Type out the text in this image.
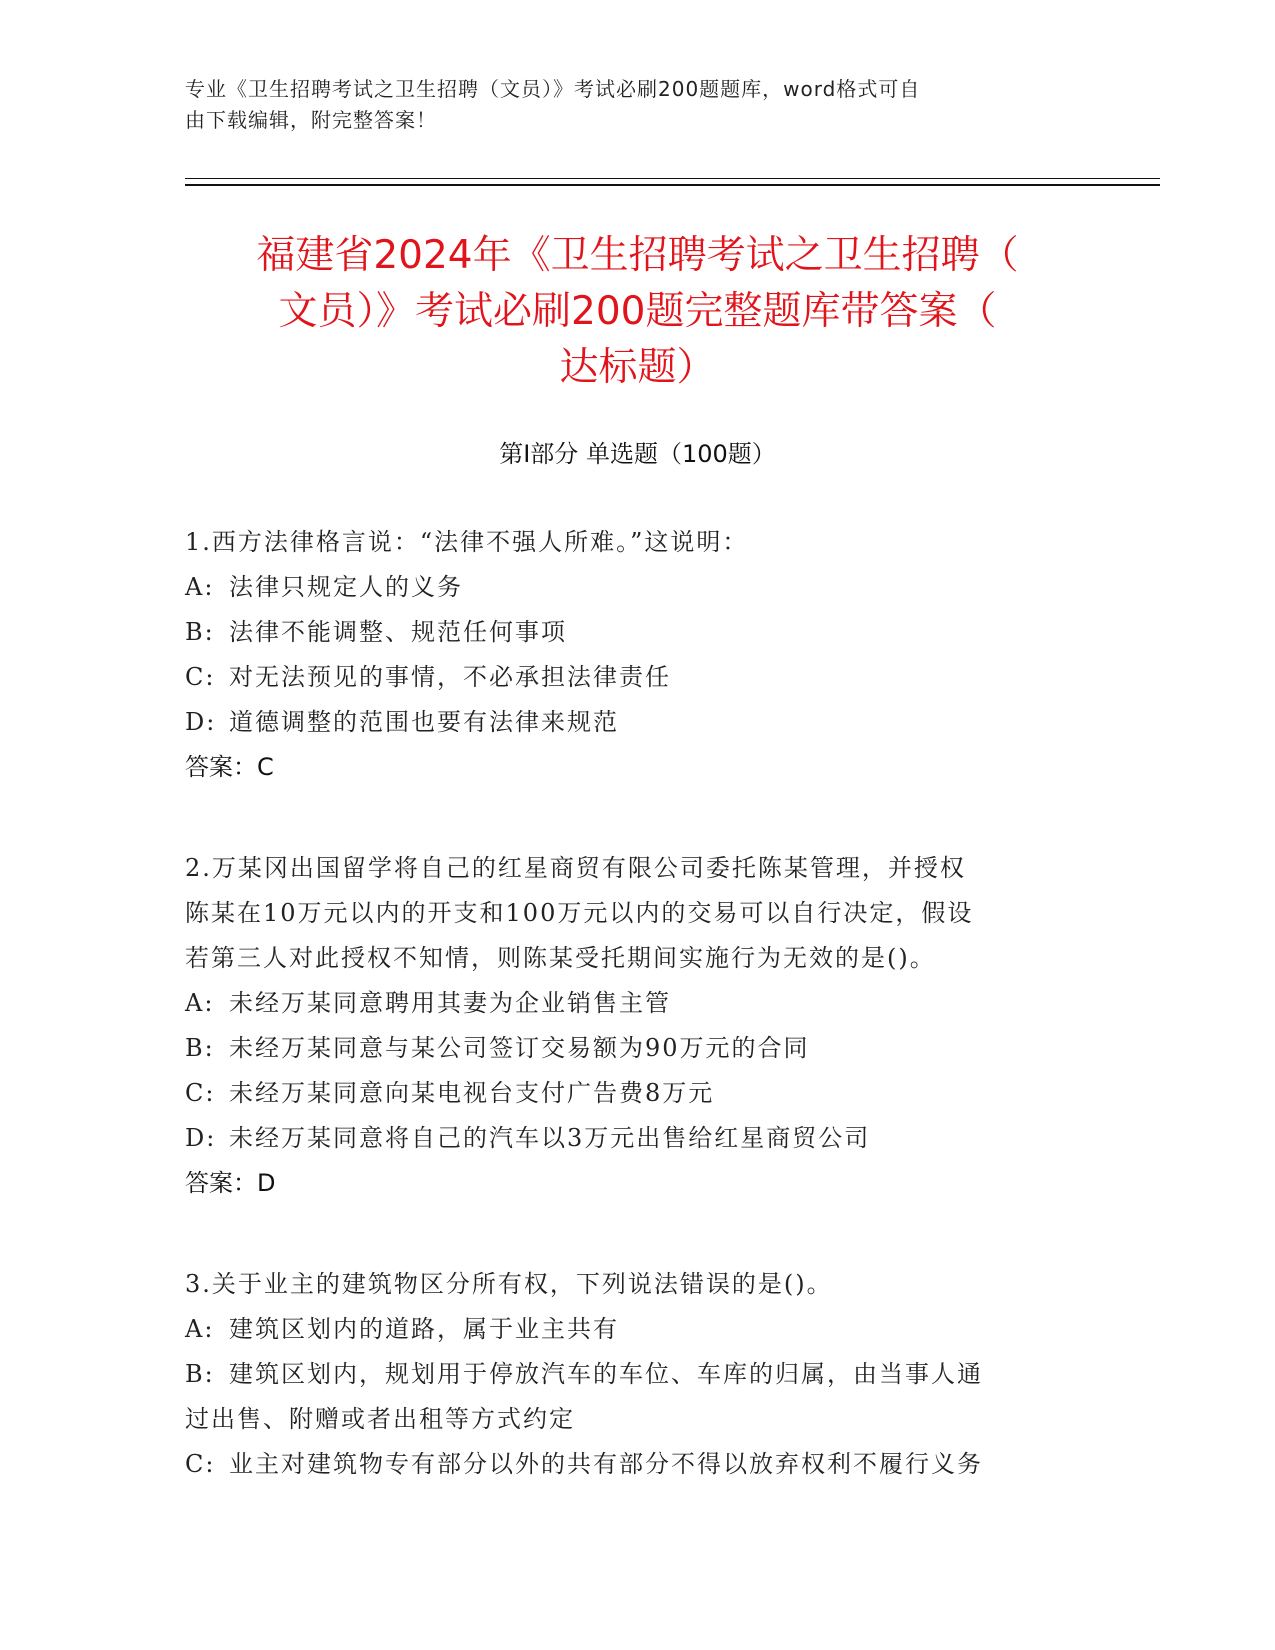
专业《卫生招聘考试之卫生招聘（文员）》考试必刷200题题库，word格式可自
由下载编辑，附完整答案！
福建省2024年《卫生招聘考试之卫生招聘（
文员）》考试必刷200题完整题库带答案（
达标题）
第Ⅰ部分 单选题（100题）
1.西方法律格言说：“法律不强人所难。”这说明：
A: 法律只规定人的义务
B: 法律不能调整、规范任何事项
C: 对无法预见的事情，不必承担法律责任
D: 道德调整的范围也要有法律来规范
答案：C
2.万某冈出国留学将自己的红星商贸有限公司委托陈某管理，并授权
陈某在10万元以内的开支和100万元以内的交易可以自行决定，假设
若第三人对此授权不知情，则陈某受托期间实施行为无效的是()。
A: 未经万某同意聘用其妻为企业销售主管
B: 未经万某同意与某公司签订交易额为90万元的合同
C: 未经万某同意向某电视台支付广告费8万元
D: 未经万某同意将自己的汽车以3万元出售给红星商贸公司
答案：D
3.关于业主的建筑物区分所有权，下列说法错误的是()。
A: 建筑区划内的道路，属于业主共有
B: 建筑区划内，规划用于停放汽车的车位、车库的归属，由当事人通
过出售、附赠或者出租等方式约定
C: 业主对建筑物专有部分以外的共有部分不得以放弃权利不履行义务
